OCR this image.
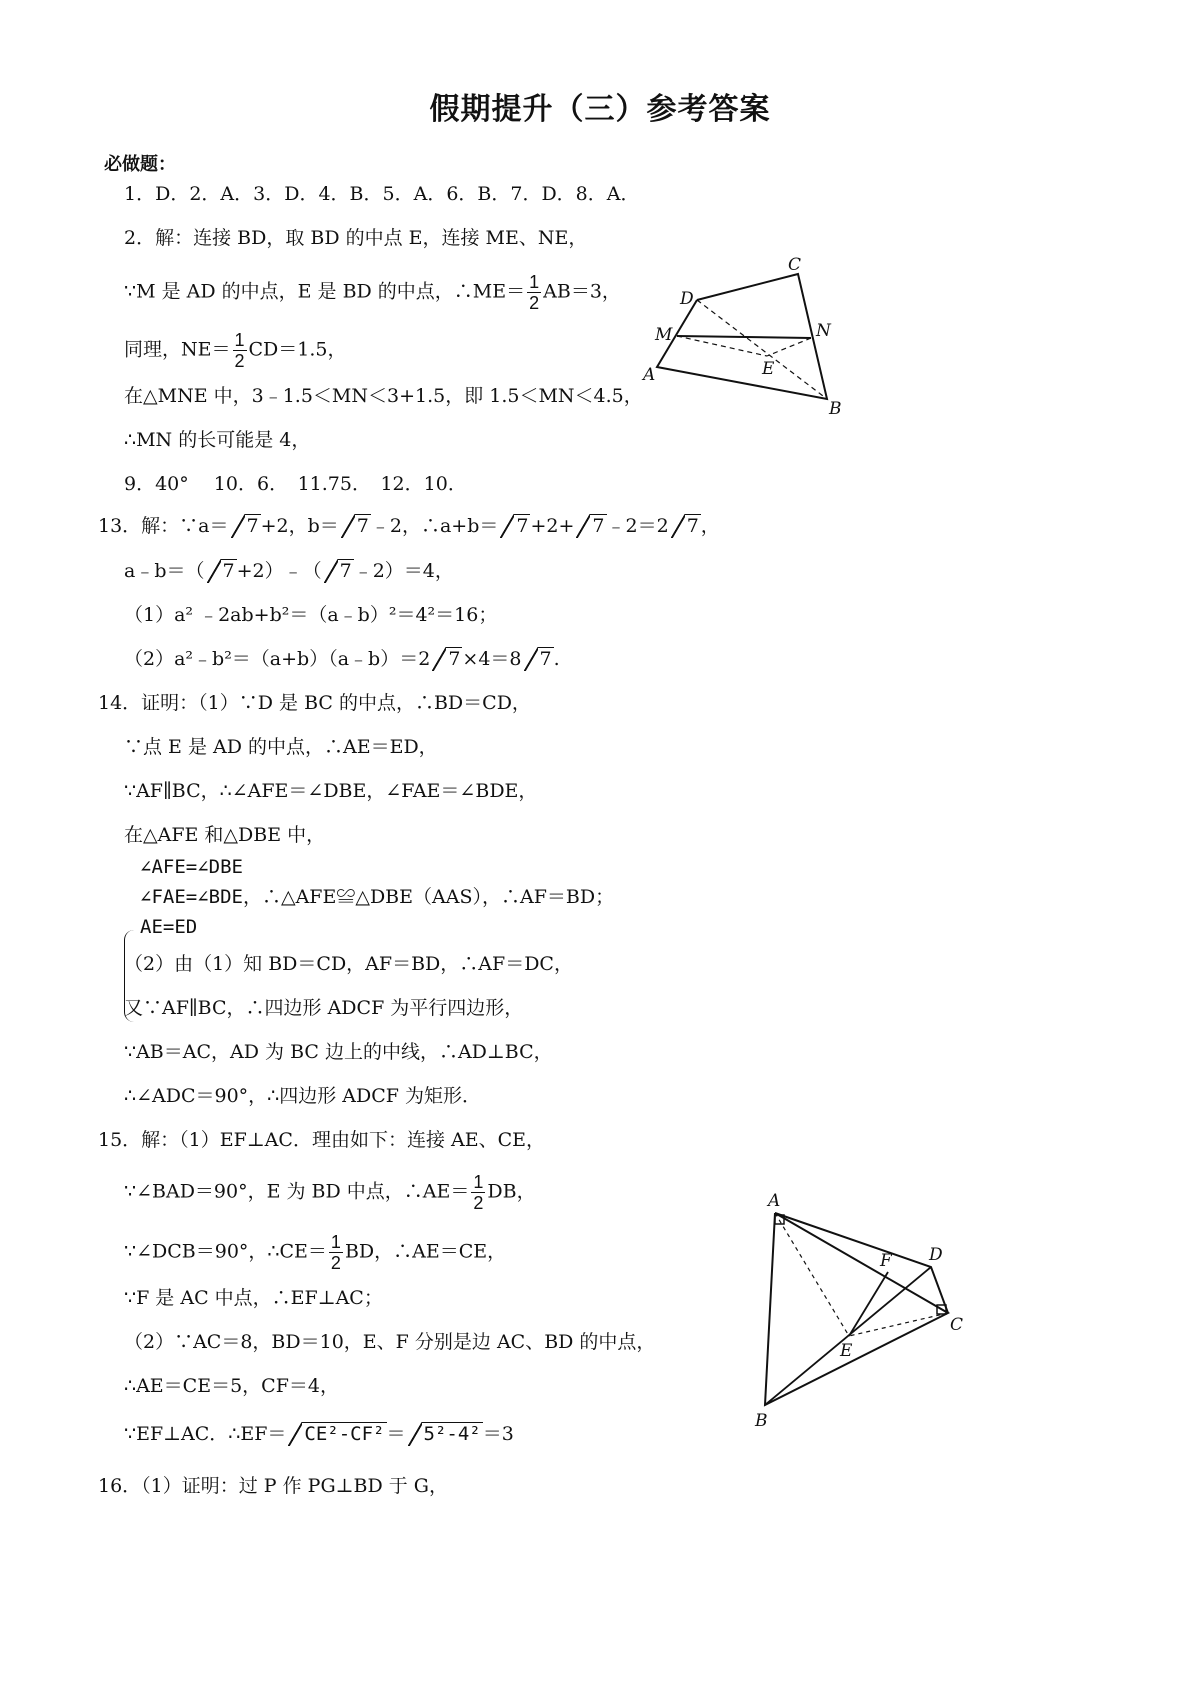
假期提升（三）参考答案
必做题：
1．D．2．A．3．D．4．B．5．A．6．B．7．D．8．A．
2．解：连接 BD，取 BD 的中点 E，连接 ME、NE，
∵M 是 AD 的中点，E 是 BD 的中点，∴ME＝ $\frac{1}{2} AB=3$，
同理，$NE= \frac{1}{2} CD=1.5$，
在△MNE 中，3﹣1.5＜MN＜3+1.5，即 1.5＜MN＜4.5，
∴MN 的长可能是 4，
9．40°　 10．6．　11.75．　12．10．
13．解：∵a＝ 7 +2，b＝ 7 ﹣2，∴a+b＝ 7 +2+ 7 ﹣2＝2 7 ，
a﹣b＝（ 7 +2）﹣（ 7 ﹣2）＝4，
（1）a² ﹣2ab+b²＝（a﹣b）²＝4²＝16；
（2）a²﹣b²＝（a+b）（a﹣b）＝2 7 ×4＝8 7 .
14．证明：（1）∵D 是 BC 的中点，∴BD＝CD，
∵点 E 是 AD 的中点，∴AE＝ED，
∵AF∥BC，∴∠AFE＝∠DBE，∠FAE＝∠BDE，
在△AFE 和△DBE 中，
∠AFE=∠DBE
∠FAE=∠BDE，∴△AFE≌△DBE（AAS），∴AF＝BD；
AE=ED
（2）由（1）知 BD＝CD，AF＝BD，∴AF＝DC，
又∵AF∥BC，∴四边形 ADCF 为平行四边形，
∵AB＝AC，AD 为 BC 边上的中线，∴AD⊥BC，
∴∠ADC＝90°，∴四边形 ADCF 为矩形．
15．解：（1）EF⊥AC．理由如下：连接 AE、CE，
∵∠BAD＝90°，E 为 BD 中点，∴AE＝ $\frac{1}{2}$ DB，
∵∠DCB＝90°，∴CE＝ $\frac{1}{2}$ BD，∴AE＝CE，
∵F 是 AC 中点，∴EF⊥AC；
（2）∵AC＝8，BD＝10，E、F 分别是边 AC、BD 的中点，
∴AE＝CE＝5，CF＝4，
∵EF⊥AC．∴EF＝ CE²-CF² ＝ 5²-4² ＝3
16．（1）证明：过 P 作 PG⊥BD 于 G，
C
D
M	N
E
A
B
A
D
F
E
C
B
